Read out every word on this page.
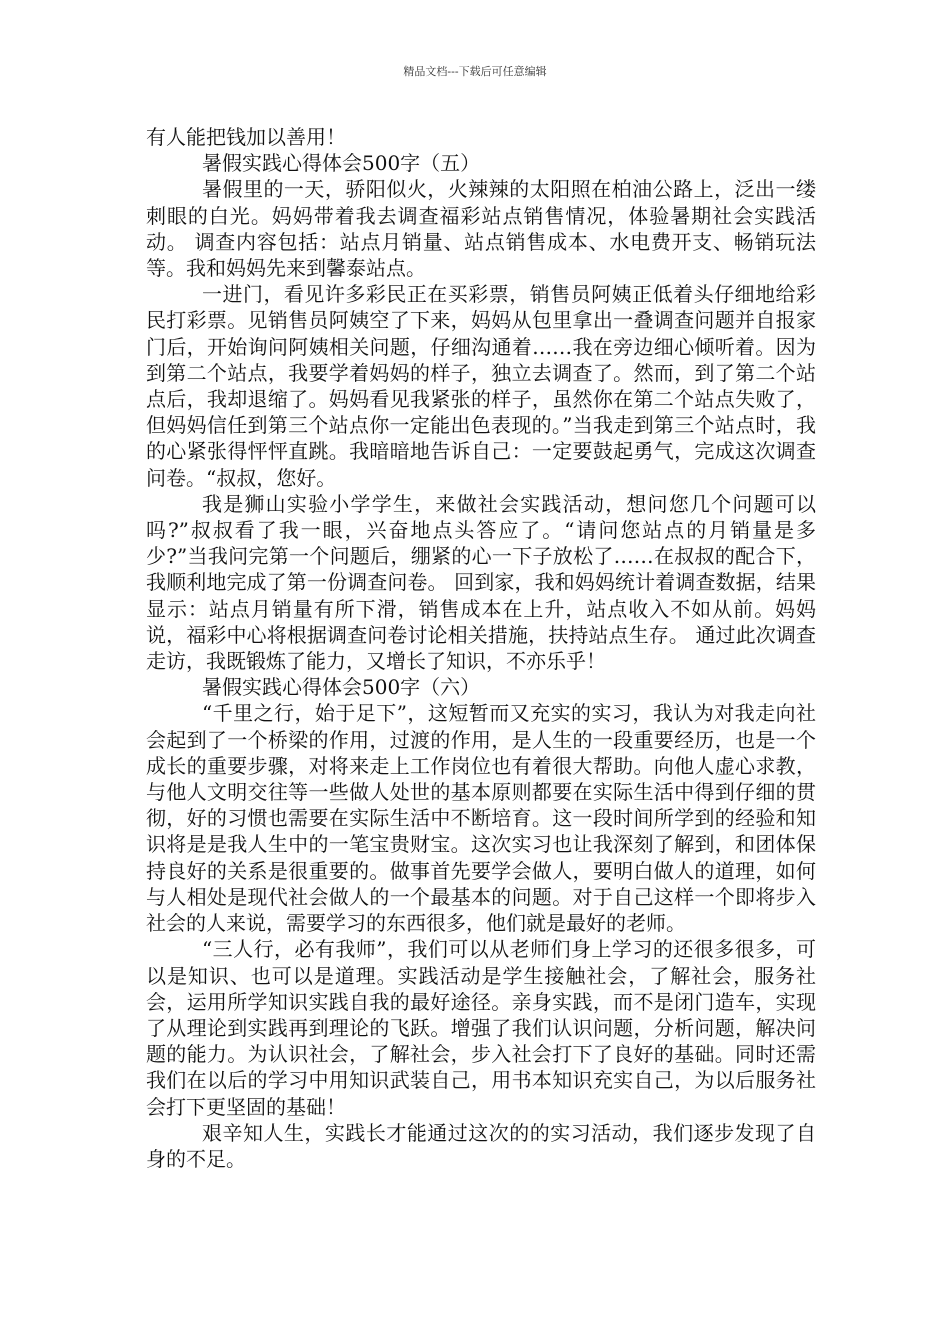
精品文档---下载后可任意编辑

有人能把钱加以善用！

暑假实践心得体会500字（五）

暑假里的一天，骄阳似火，火辣辣的太阳照在柏油公路上，泛出一缕刺眼的白光。妈妈带着我去调查福彩站点销售情况，体验暑期社会实践活动。 调查内容包括：站点月销量、站点销售成本、水电费开支、畅销玩法等。我和妈妈先来到馨泰站点。

一进门，看见许多彩民正在买彩票，销售员阿姨正低着头仔细地给彩民打彩票。见销售员阿姨空了下来，妈妈从包里拿出一叠调查问题并自报家门后，开始询问阿姨相关问题，仔细沟通着……我在旁边细心倾听着。因为到第二个站点，我要学着妈妈的样子，独立去调查了。然而，到了第二个站点后，我却退缩了。妈妈看见我紧张的样子，虽然你在第二个站点失败了，但妈妈信任到第三个站点你一定能出色表现的。”当我走到第三个站点时，我的心紧张得怦怦直跳。我暗暗地告诉自己：一定要鼓起勇气，完成这次调查问卷。“叔叔，您好。

我是狮山实验小学学生，来做社会实践活动，想问您几个问题可以吗?”叔叔看了我一眼，兴奋地点头答应了。“请问您站点的月销量是多少?”当我问完第一个问题后，绷紧的心一下子放松了……在叔叔的配合下，我顺利地完成了第一份调查问卷。 回到家，我和妈妈统计着调查数据，结果显示：站点月销量有所下滑，销售成本在上升，站点收入不如从前。妈妈说，福彩中心将根据调查问卷讨论相关措施，扶持站点生存。 通过此次调查走访，我既锻炼了能力，又增长了知识，不亦乐乎！

暑假实践心得体会500字（六）

“千里之行，始于足下”，这短暂而又充实的实习，我认为对我走向社会起到了一个桥梁的作用，过渡的作用，是人生的一段重要经历，也是一个成长的重要步骤，对将来走上工作岗位也有着很大帮助。向他人虚心求教，与他人文明交往等一些做人处世的基本原则都要在实际生活中得到仔细的贯彻，好的习惯也需要在实际生活中不断培育。这一段时间所学到的经验和知识将是是我人生中的一笔宝贵财宝。这次实习也让我深刻了解到，和团体保持良好的关系是很重要的。做事首先要学会做人，要明白做人的道理，如何与人相处是现代社会做人的一个最基本的问题。对于自己这样一个即将步入社会的人来说，需要学习的东西很多，他们就是最好的老师。

“三人行，必有我师”，我们可以从老师们身上学习的还很多很多，可以是知识、也可以是道理。实践活动是学生接触社会，了解社会，服务社会，运用所学知识实践自我的最好途径。亲身实践，而不是闭门造车，实现了从理论到实践再到理论的飞跃。增强了我们认识问题，分析问题，解决问题的能力。为认识社会，了解社会，步入社会打下了良好的基础。同时还需我们在以后的学习中用知识武装自己，用书本知识充实自己，为以后服务社会打下更坚固的基础！

艰辛知人生，实践长才能通过这次的的实习活动，我们逐步发现了自身的不足。
